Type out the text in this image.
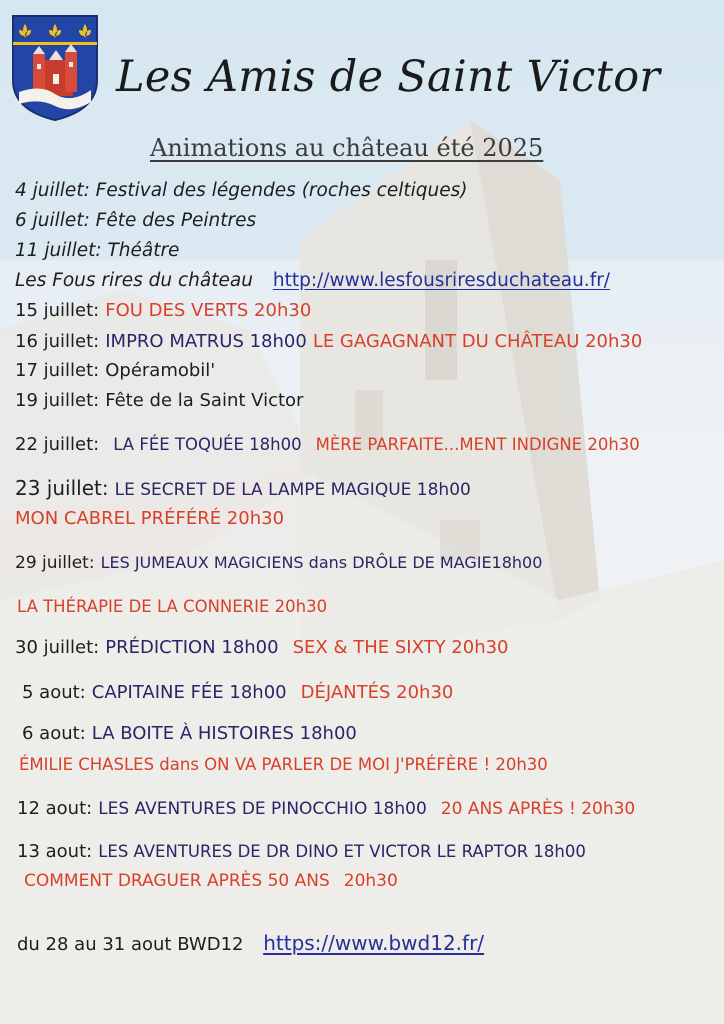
Les Amis de Saint Victor
Animations au château été 2025
4 juillet: Festival des légendes (roches celtiques)
6 juillet: Fête des Peintres
11 juillet: Théâtre
Les Fous rires du château http://www.lesfousriresduchateau.fr/
15 juillet: FOU DES VERTS 20h30
16 juillet: IMPRO MATRUS 18h00 LE GAGAGNANT DU CHÂTEAU 20h30
17 juillet: Opéramobil'
19 juillet: Fête de la Saint Victor
22 juillet: LA FÉE TOQUÉE 18h00 MÈRE PARFAITE...MENT INDIGNE 20h30
23 juillet: LE SECRET DE LA LAMPE MAGIQUE 18h00
MON CABREL PRÉFÉRÉ 20h30
29 juillet: LES JUMEAUX MAGICIENS dans DRÔLE DE MAGIE18h00
LA THÉRAPIE DE LA CONNERIE 20h30
30 juillet: PRÉDICTION 18h00 SEX & THE SIXTY 20h30
5 aout: CAPITAINE FÉE 18h00 DÉJANTÉS 20h30
6 aout: LA BOITE À HISTOIRES 18h00
ÉMILIE CHASLES dans ON VA PARLER DE MOI J'PRÉFÈRE ! 20h30
12 aout: LES AVENTURES DE PINOCCHIO 18h00 20 ANS APRÈS ! 20h30
13 aout: LES AVENTURES DE DR DINO ET VICTOR LE RAPTOR 18h00
COMMENT DRAGUER APRÈS 50 ANS 20h30
du 28 au 31 aout BWD12 https://www.bwd12.fr/
